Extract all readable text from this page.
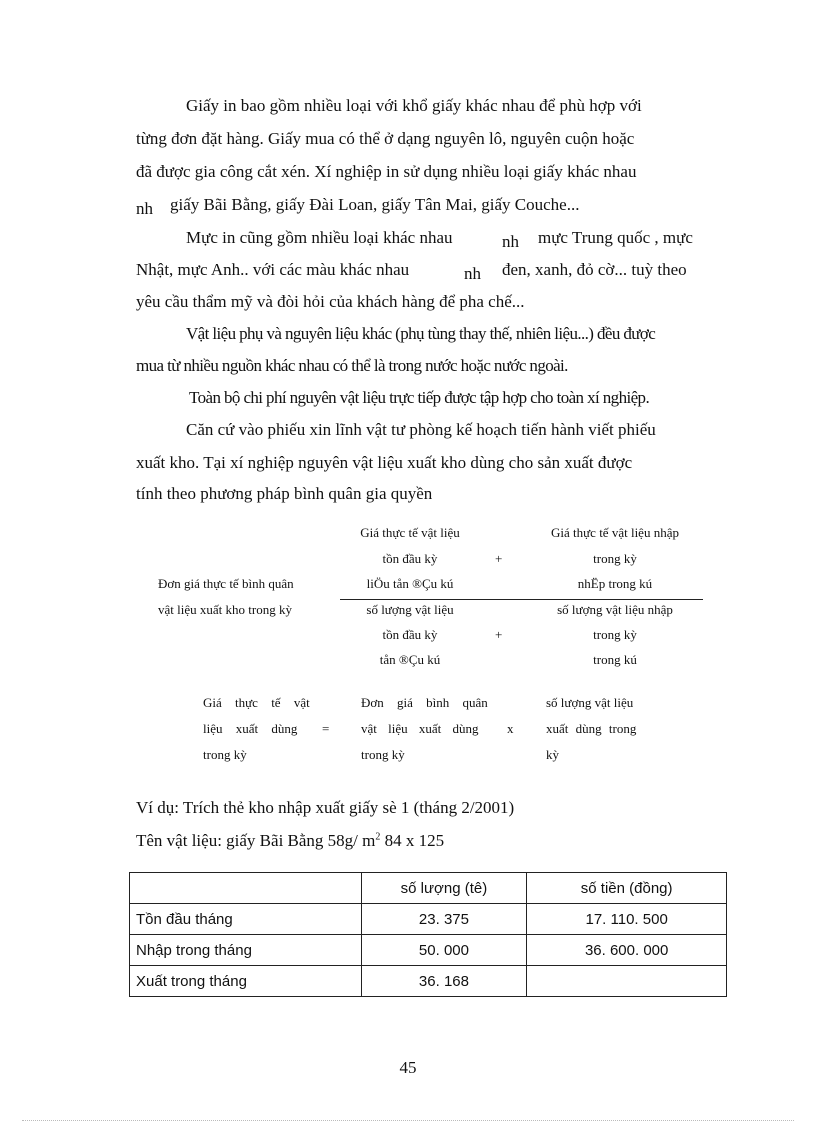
Giấy in bao gồm nhiều loại với khổ giấy khác nhau để phù hợp với
từng đơn đặt hàng. Giấy mua có thể ở dạng nguyên lô, nguyên cuộn hoặc
đã được gia công cắt xén. Xí nghiệp in sử dụng nhiều loại giấy khác nhau
nh giấy Bãi Bằng, giấy Đài Loan, giấy Tân Mai, giấy Couche...
Mực in cũng gồm nhiều loại khác nhau	nh mực Trung quốc , mực
Nhật, mực Anh.. với các màu khác nhau	nh đen, xanh, đỏ cờ... tuỳ theo
yêu cầu thẩm mỹ và đòi hỏi của khách hàng để pha chế...
Vật liệu phụ và nguyên liệu khác (phụ tùng thay thế, nhiên liệu...) đều được
mua từ nhiều nguồn khác nhau có thể là trong nước hoặc nước ngoài.
Toàn bộ chi phí nguyên vật liệu trực tiếp được tập hợp cho toàn xí nghiệp.
Căn cứ vào phiếu xin lĩnh vật tư phòng kế hoạch tiến hành viết phiếu
xuất kho. Tại xí nghiệp nguyên vật liệu xuất kho dùng cho sản xuất được
tính theo phương pháp bình quân gia quyền
Đơn giá thực tế bình quân
vật liệu xuất kho trong kỳ
Giá thực tế vật liệu
tồn đầu kỳ
liÖu tån ®Çu kú
+
Giá thực tế vật liệu nhập
trong kỳ
nhËp trong kú
số lượng vật liệu
tồn đầu kỳ
tån ®Çu kú
+
số lượng vật liệu nhập
trong kỳ
trong kú
Giá thực tế vật
liệu xuất dùng
trong kỳ
=
Đơn giá bình quân
vật liệu xuất dùng
trong kỳ
x
số lượng vật liệu
xuất dùng trong
kỳ
Ví dụ: Trích thẻ kho nhập xuất giấy sè 1 (tháng 2/2001)
Tên vật liệu: giấy Bãi Bằng 58g/ $m^2$ 84 x 125
	số lượng (tê)	số tiền (đồng)
Tồn đầu tháng	23. 375	17. 110. 500
Nhập trong tháng	50. 000	36. 600. 000
Xuất trong tháng	36. 168	
45
